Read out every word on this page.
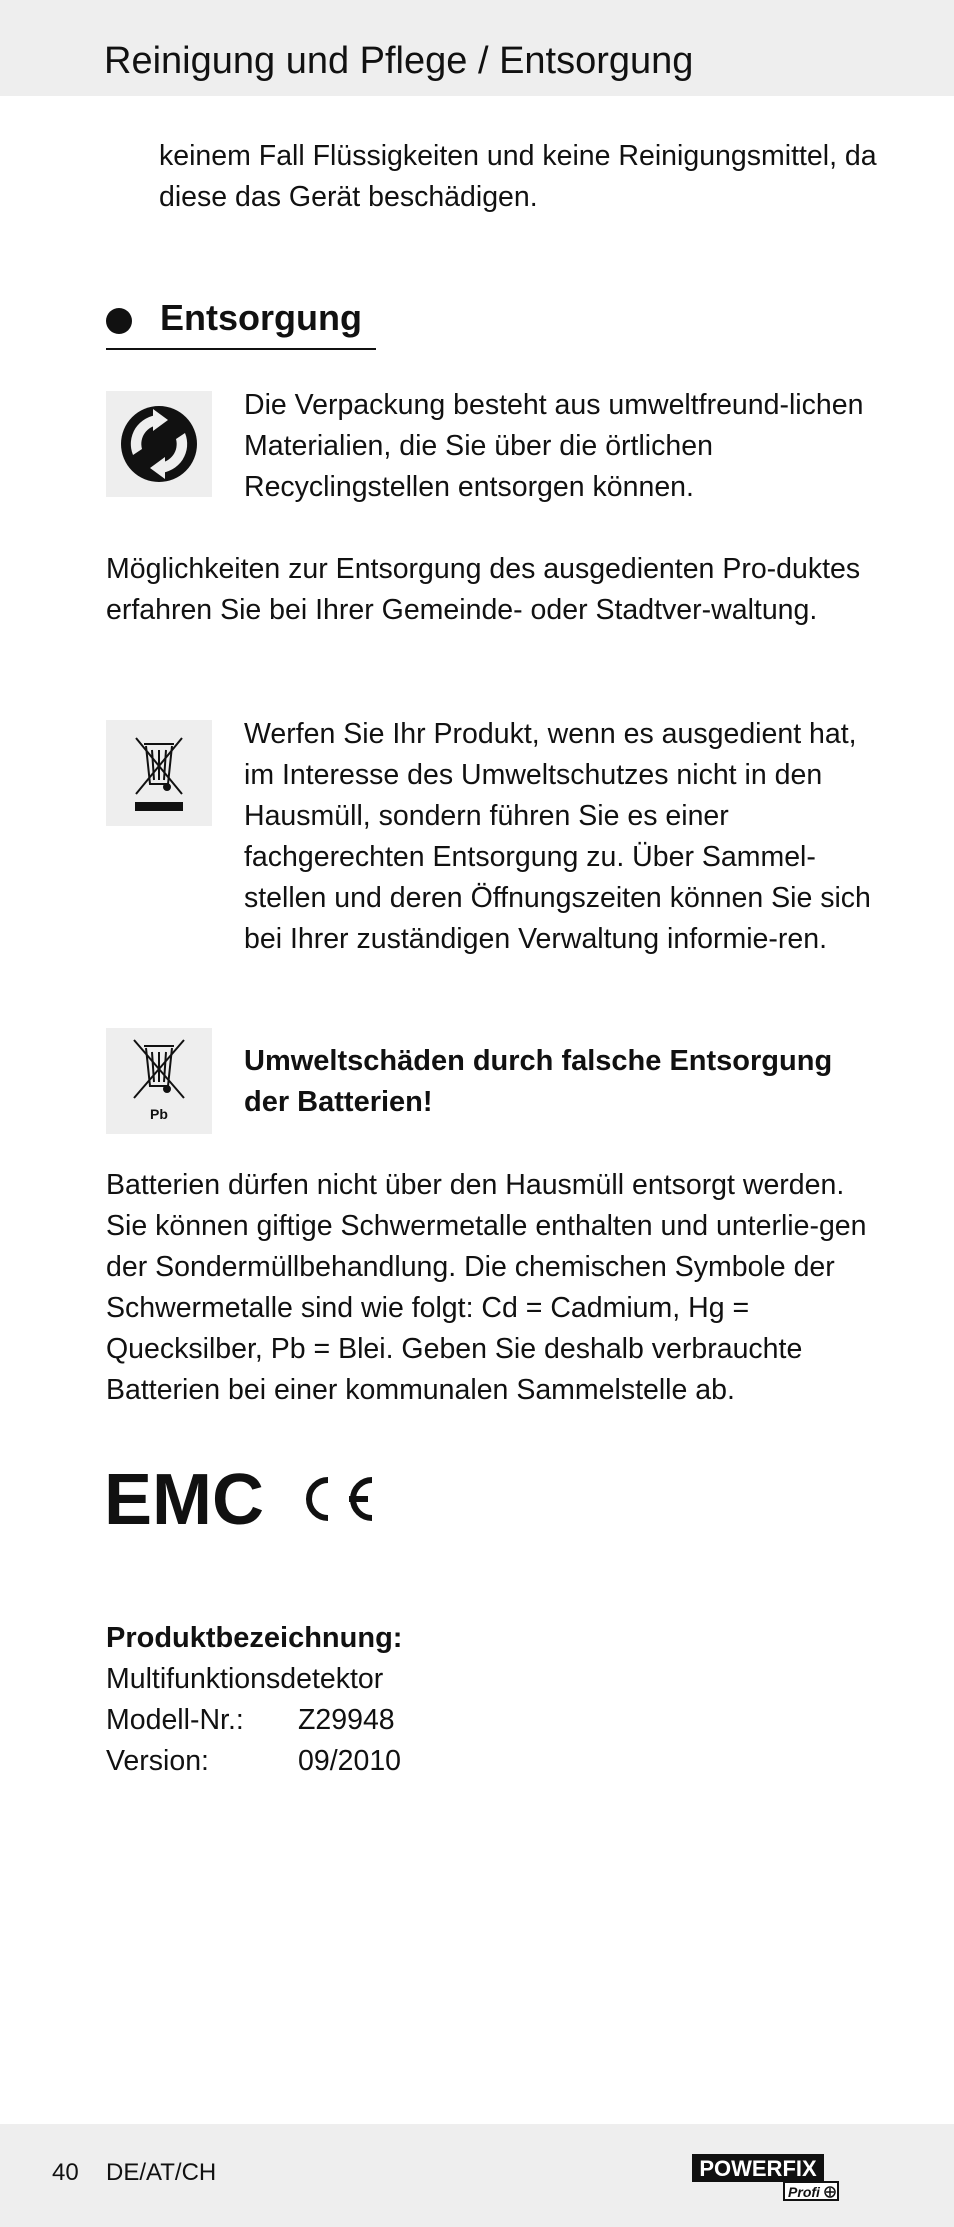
Reinigung und Pflege / Entsorgung
keinem Fall Flüssigkeiten und keine Reinigungsmittel, da diese das Gerät beschädigen.
Entsorgung
Die Verpackung besteht aus umweltfreund-lichen Materialien, die Sie über die örtlichen Recyclingstellen entsorgen können.
Möglichkeiten zur Entsorgung des ausgedienten Pro-duktes erfahren Sie bei Ihrer Gemeinde- oder Stadtver-waltung.
Werfen Sie Ihr Produkt, wenn es ausgedient hat, im Interesse des Umweltschutzes nicht in den Hausmüll, sondern führen Sie es einer fachgerechten Entsorgung zu. Über Sammel-stellen und deren Öffnungszeiten können Sie sich bei Ihrer zuständigen Verwaltung informie-ren.
Pb
Umweltschäden durch falsche Entsorgung der Batterien!
Batterien dürfen nicht über den Hausmüll entsorgt werden. Sie können giftige Schwermetalle enthalten und unterlie-gen der Sondermüllbehandlung. Die chemischen Symbole der Schwermetalle sind wie folgt: Cd = Cadmium, Hg = Quecksilber, Pb = Blei. Geben Sie deshalb verbrauchte Batterien bei einer kommunalen Sammelstelle ab.
EMC
Produktbezeichnung:
Multifunktionsdetektor
Modell-Nr.:	Z29948
Version:	09/2010
40 DE/AT/CH	POWERFIX
Profi
